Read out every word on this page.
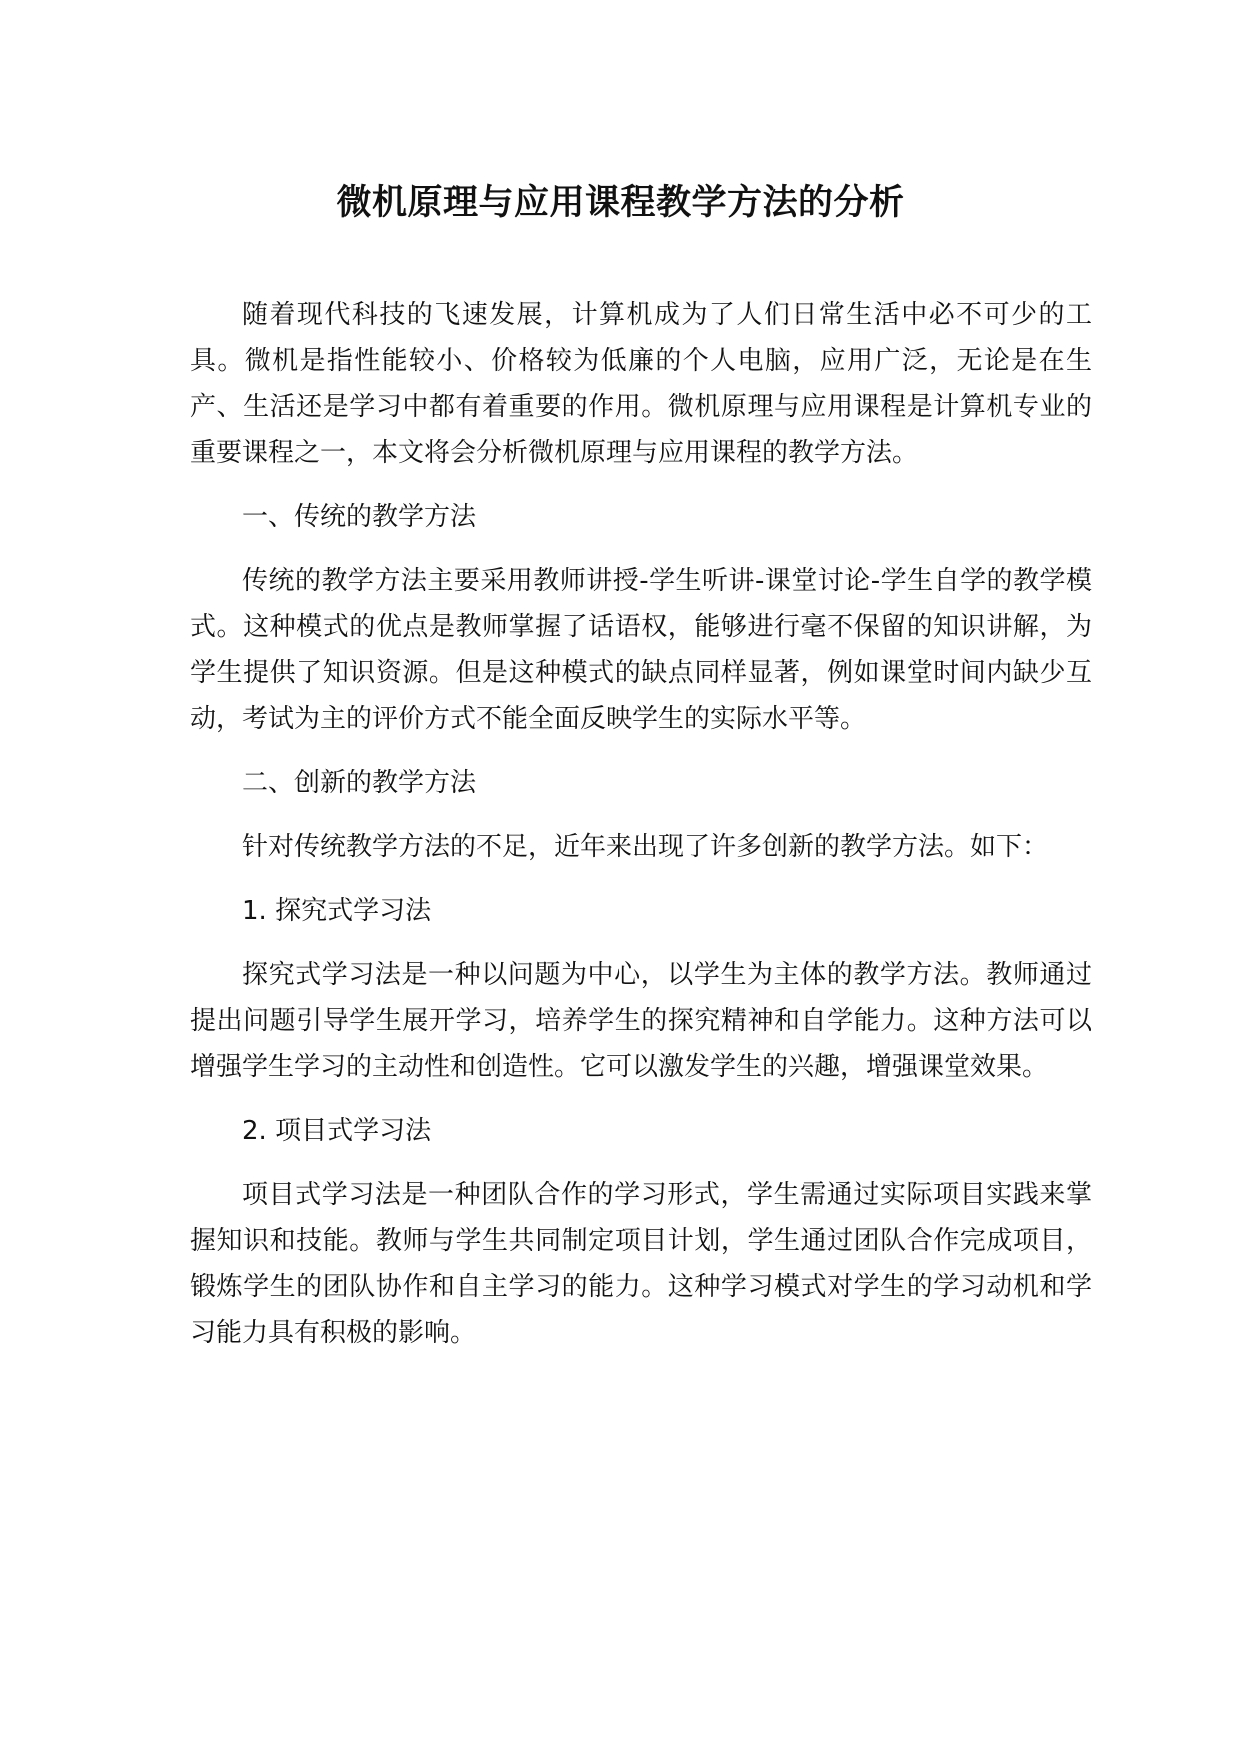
微机原理与应用课程教学方法的分析

随着现代科技的飞速发展，计算机成为了人们日常生活中必不可少的工具。微机是指性能较小、价格较为低廉的个人电脑，应用广泛，无论是在生产、生活还是学习中都有着重要的作用。微机原理与应用课程是计算机专业的重要课程之一，本文将会分析微机原理与应用课程的教学方法。

一、传统的教学方法

传统的教学方法主要采用教师讲授-学生听讲-课堂讨论-学生自学的教学模式。这种模式的优点是教师掌握了话语权，能够进行毫不保留的知识讲解，为学生提供了知识资源。但是这种模式的缺点同样显著，例如课堂时间内缺少互动，考试为主的评价方式不能全面反映学生的实际水平等。

二、创新的教学方法

针对传统教学方法的不足，近年来出现了许多创新的教学方法。如下：

1. 探究式学习法

探究式学习法是一种以问题为中心，以学生为主体的教学方法。教师通过提出问题引导学生展开学习，培养学生的探究精神和自学能力。这种方法可以增强学生学习的主动性和创造性。它可以激发学生的兴趣，增强课堂效果。

2. 项目式学习法

项目式学习法是一种团队合作的学习形式，学生需通过实际项目实践来掌握知识和技能。教师与学生共同制定项目计划，学生通过团队合作完成项目，锻炼学生的团队协作和自主学习的能力。这种学习模式对学生的学习动机和学习能力具有积极的影响。
